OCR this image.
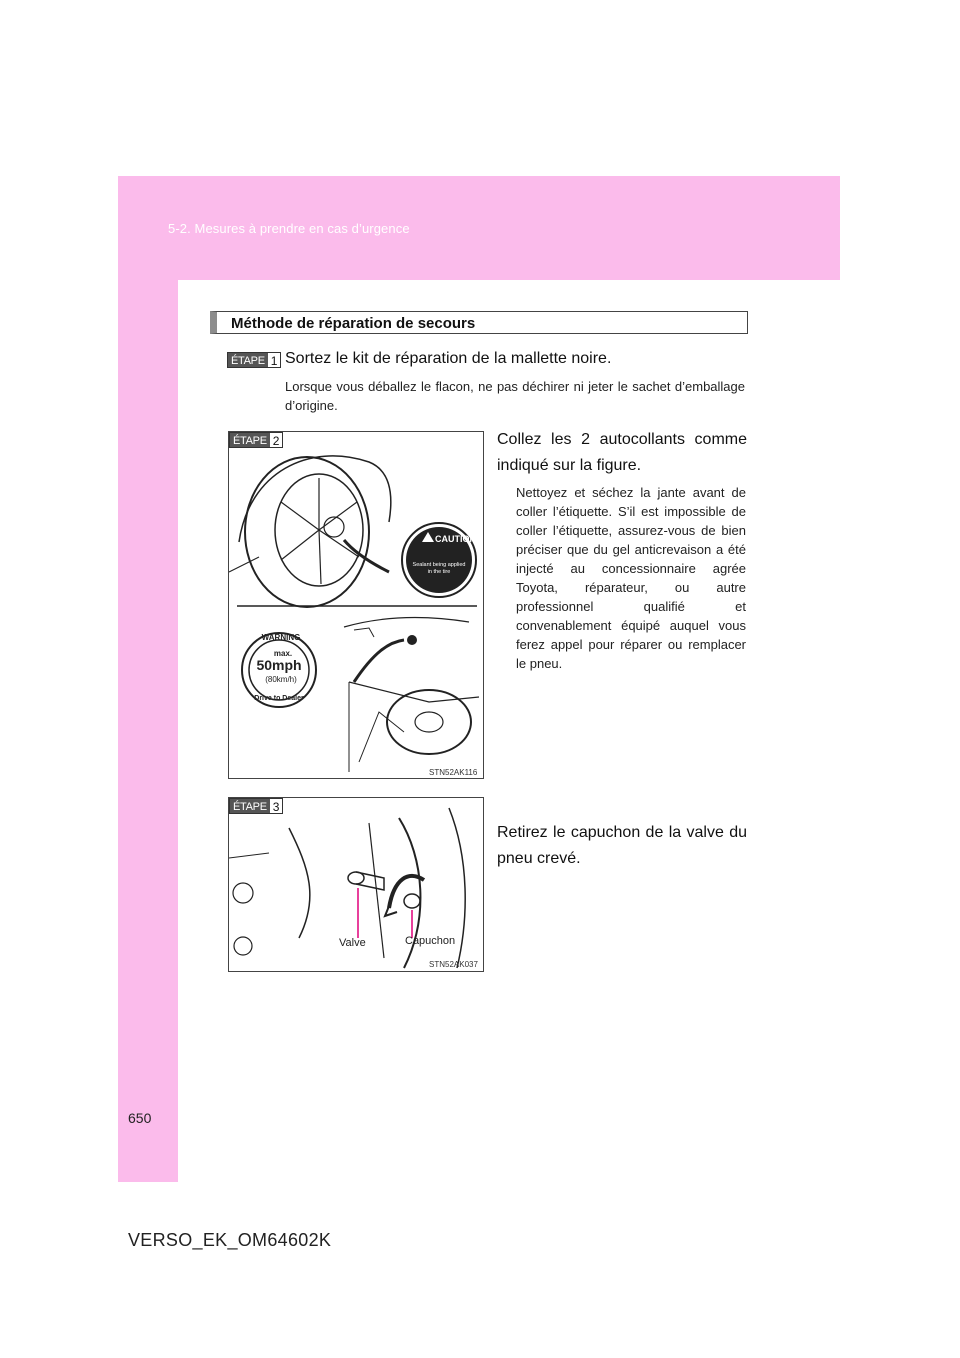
5-2. Mesures à prendre en cas d’urgence
650
VERSO_EK_OM64602K
Méthode de réparation de secours
ÉTAPE 1 Sortez le kit de réparation de la mallette noire.
Lorsque vous déballez le flacon, ne pas déchirer ni jeter le sachet d’emballage d’origine.
ÉTAPE 2
CAUTION
Sealant being applied
in the tire
WARNING
max.
50mph
(80km/h)
Drive to Dealer
STN52AK116
Collez les 2 autocollants comme indiqué sur la figure.
Nettoyez et séchez la jante avant de coller l’étiquette. S’il est impossible de coller l’étiquette, assurez-vous de bien préciser que du gel anticrevaison a été injecté au concessionnaire agrée Toyota, réparateur, ou autre professionnel qualifié et convenablement équipé auquel vous ferez appel pour réparer ou remplacer le pneu.
ÉTAPE 3
Valve	Capuchon
STN52AK037
Retirez le capuchon de la valve du pneu crevé.
